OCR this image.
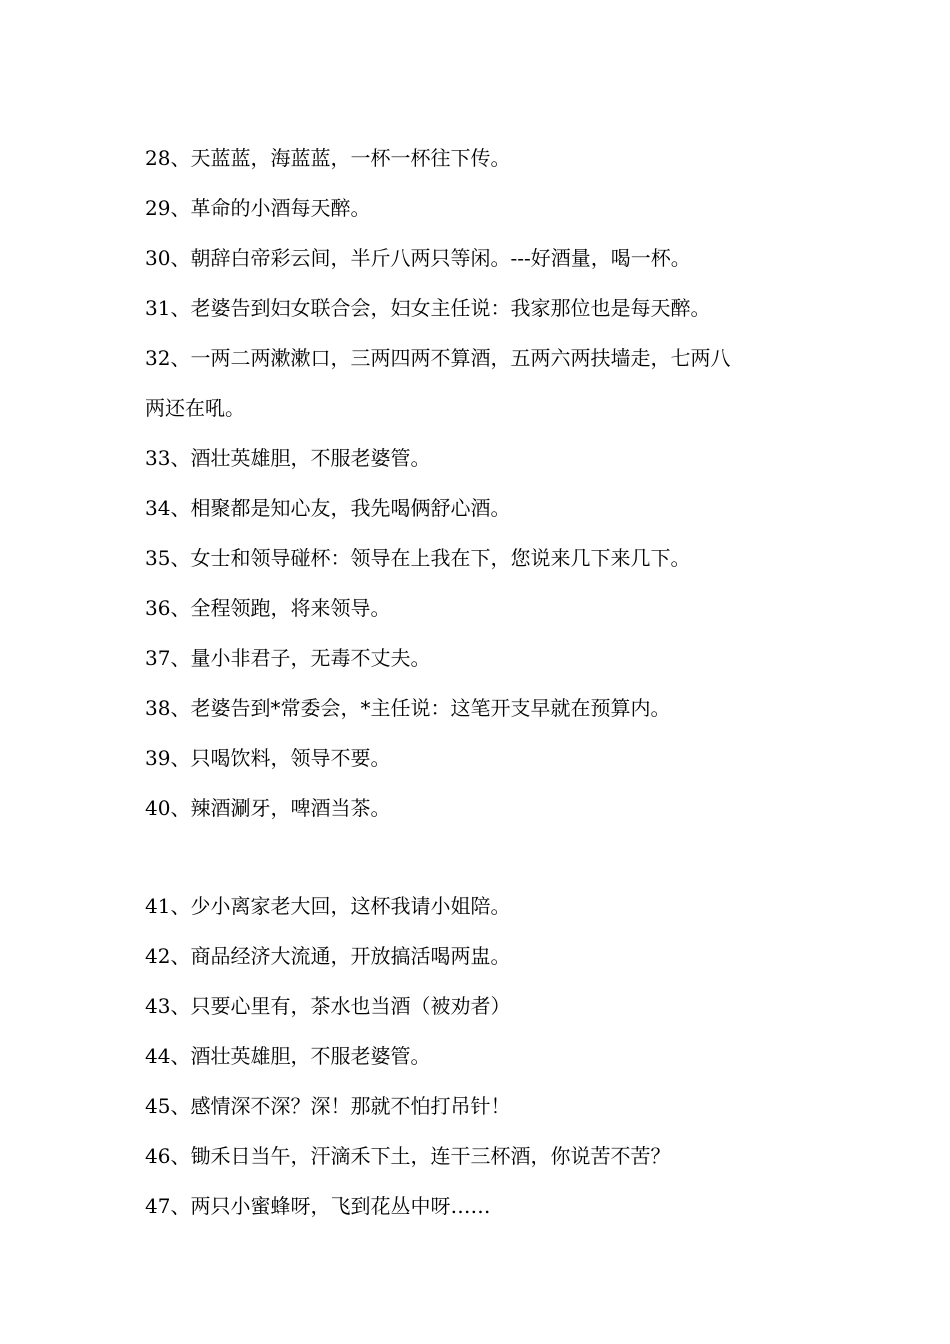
28、天蓝蓝，海蓝蓝，一杯一杯往下传。
29、革命的小酒每天醉。
30、朝辞白帝彩云间，半斤八两只等闲。---好酒量，喝一杯。
31、老婆告到妇女联合会，妇女主任说：我家那位也是每天醉。
32、一两二两漱漱口，三两四两不算酒，五两六两扶墙走，七两八
两还在吼。
33、酒壮英雄胆，不服老婆管。
34、相聚都是知心友，我先喝俩舒心酒。
35、女士和领导碰杯：领导在上我在下，您说来几下来几下。
36、全程领跑，将来领导。
37、量小非君子，无毒不丈夫。
38、老婆告到*常委会，*主任说：这笔开支早就在预算内。
39、只喝饮料，领导不要。
40、辣酒涮牙，啤酒当茶。
41、少小离家老大回，这杯我请小姐陪。
42、商品经济大流通，开放搞活喝两盅。
43、只要心里有，茶水也当酒（被劝者）
44、酒壮英雄胆，不服老婆管。
45、感情深不深？深！那就不怕打吊针！
46、锄禾日当午，汗滴禾下土，连干三杯酒，你说苦不苦？
47、两只小蜜蜂呀，飞到花丛中呀……
